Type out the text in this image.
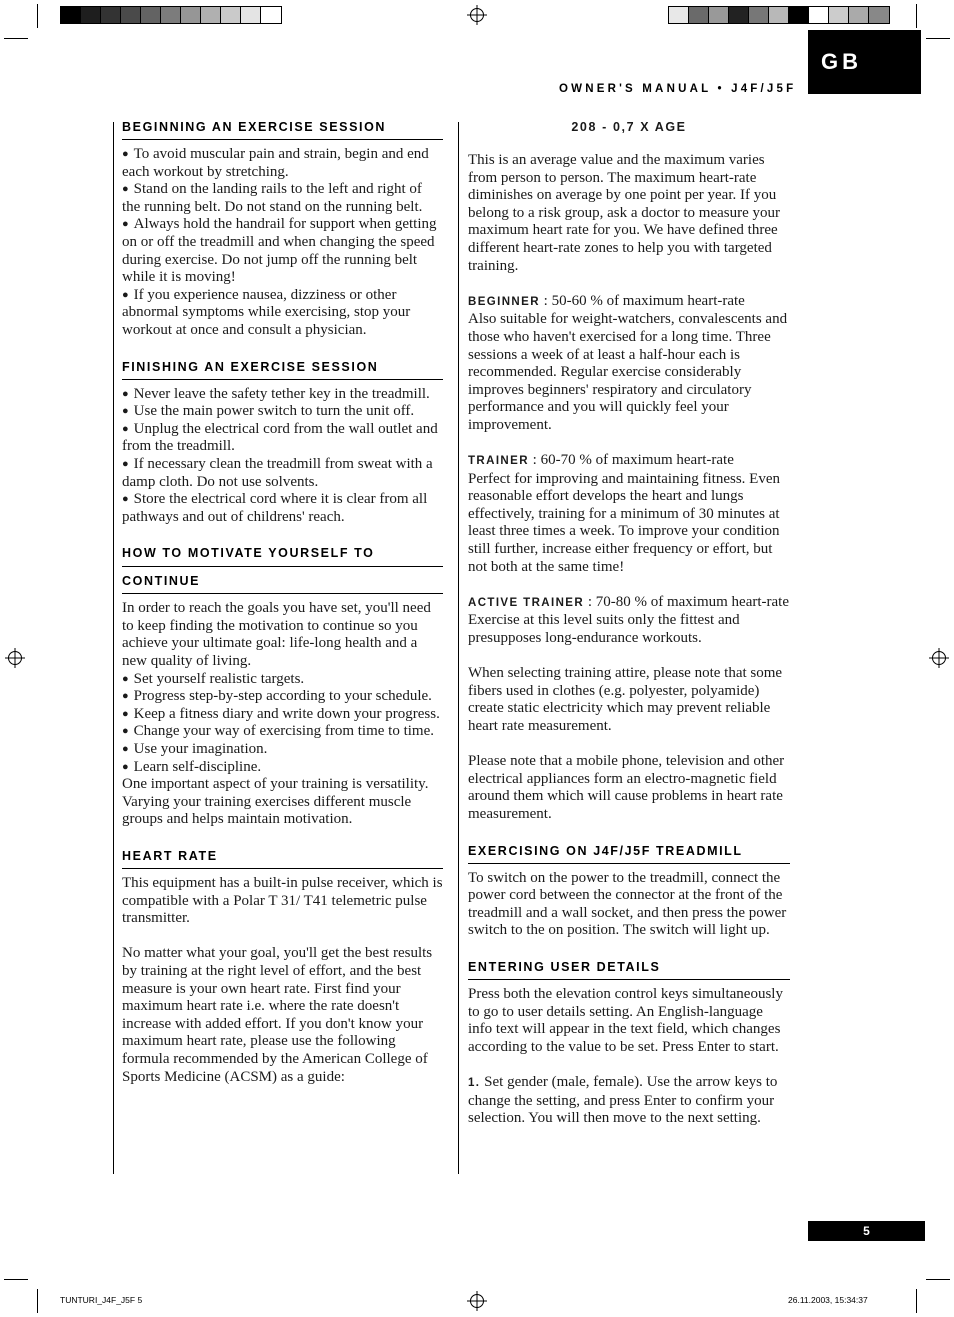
GB
OWNER'S MANUAL • J4F/J5F
BEGINNING AN EXERCISE SESSION

● To avoid muscular pain and strain, begin and end each workout by stretching.

● Stand on the landing rails to the left and right of the running belt. Do not stand on the running belt.

● Always hold the handrail for support when getting on or off the treadmill and when changing the speed during exercise. Do not jump off the running belt while it is moving!

● If you experience nausea, dizziness or other abnormal symptoms while exercising, stop your workout at once and consult a physician.

FINISHING AN EXERCISE SESSION

● Never leave the safety tether key in the treadmill.

● Use the main power switch to turn the unit off.

● Unplug the electrical cord from the wall outlet and from the treadmill.

● If necessary clean the treadmill from sweat with a damp cloth. Do not use solvents.

● Store the electrical cord where it is clear from all pathways and out of childrens' reach.

HOW TO MOTIVATE YOURSELF TO
CONTINUE

In order to reach the goals you have set, you'll need to keep finding the motivation to continue so you achieve your ultimate goal: life-long health and a new quality of living.

● Set yourself realistic targets.

● Progress step-by-step according to your schedule.

● Keep a fitness diary and write down your progress.

● Change your way of exercising from time to time.

● Use your imagination.

● Learn self-discipline.

One important aspect of your training is versatility. Varying your training exercises different muscle groups and helps maintain motivation.

HEART RATE

This equipment has a built-in pulse receiver, which is compatible with a Polar T 31/ T41 telemetric pulse transmitter.

No matter what your goal, you'll get the best results by training at the right level of effort, and the best measure is your own heart rate. First find your maximum heart rate i.e. where the rate doesn't increase with added effort. If you don't know your maximum heart rate, please use the following formula recommended by the American College of Sports Medicine (ACSM) as a guide:

208 - 0,7 X AGE

This is an average value and the maximum varies from person to person. The maximum heart-rate diminishes on average by one point per year. If you belong to a risk group, ask a doctor to measure your maximum heart rate for you. We have defined three different heart-rate zones to help you with targeted training.

BEGINNER : 50-60 % of maximum heart-rate

Also suitable for weight-watchers, convalescents and those who haven't exercised for a long time. Three sessions a week of at least a half-hour each is recommended. Regular exercise considerably improves beginners' respiratory and circulatory performance and you will quickly feel your improvement.

TRAINER : 60-70 % of maximum heart-rate

Perfect for improving and maintaining fitness. Even reasonable effort develops the heart and lungs effectively, training for a minimum of 30 minutes at least three times a week. To improve your condition still further, increase either frequency or effort, but not both at the same time!

ACTIVE TRAINER : 70-80 % of maximum heart-rate

Exercise at this level suits only the fittest and presupposes long-endurance workouts.

When selecting training attire, please note that some fibers used in clothes (e.g. polyester, polyamide) create static electricity which may prevent reliable heart rate measurement.

Please note that a mobile phone, television and other electrical appliances form an electro-magnetic field around them which will cause problems in heart rate measurement.

EXERCISING ON J4F/J5F TREADMILL

To switch on the power to the treadmill, connect the power cord between the connector at the front of the treadmill and a wall socket, and then press the power switch to the on position. The switch will light up.

ENTERING USER DETAILS

Press both the elevation control keys simultaneously to go to user details setting. An English-language info text will appear in the text field, which changes according to the value to be set. Press Enter to start.

1. Set gender (male, female). Use the arrow keys to change the setting, and press Enter to confirm your selection. You will then move to the next setting.

5
TUNTURI_J4F_J5F 5	26.11.2003, 15:34:37
